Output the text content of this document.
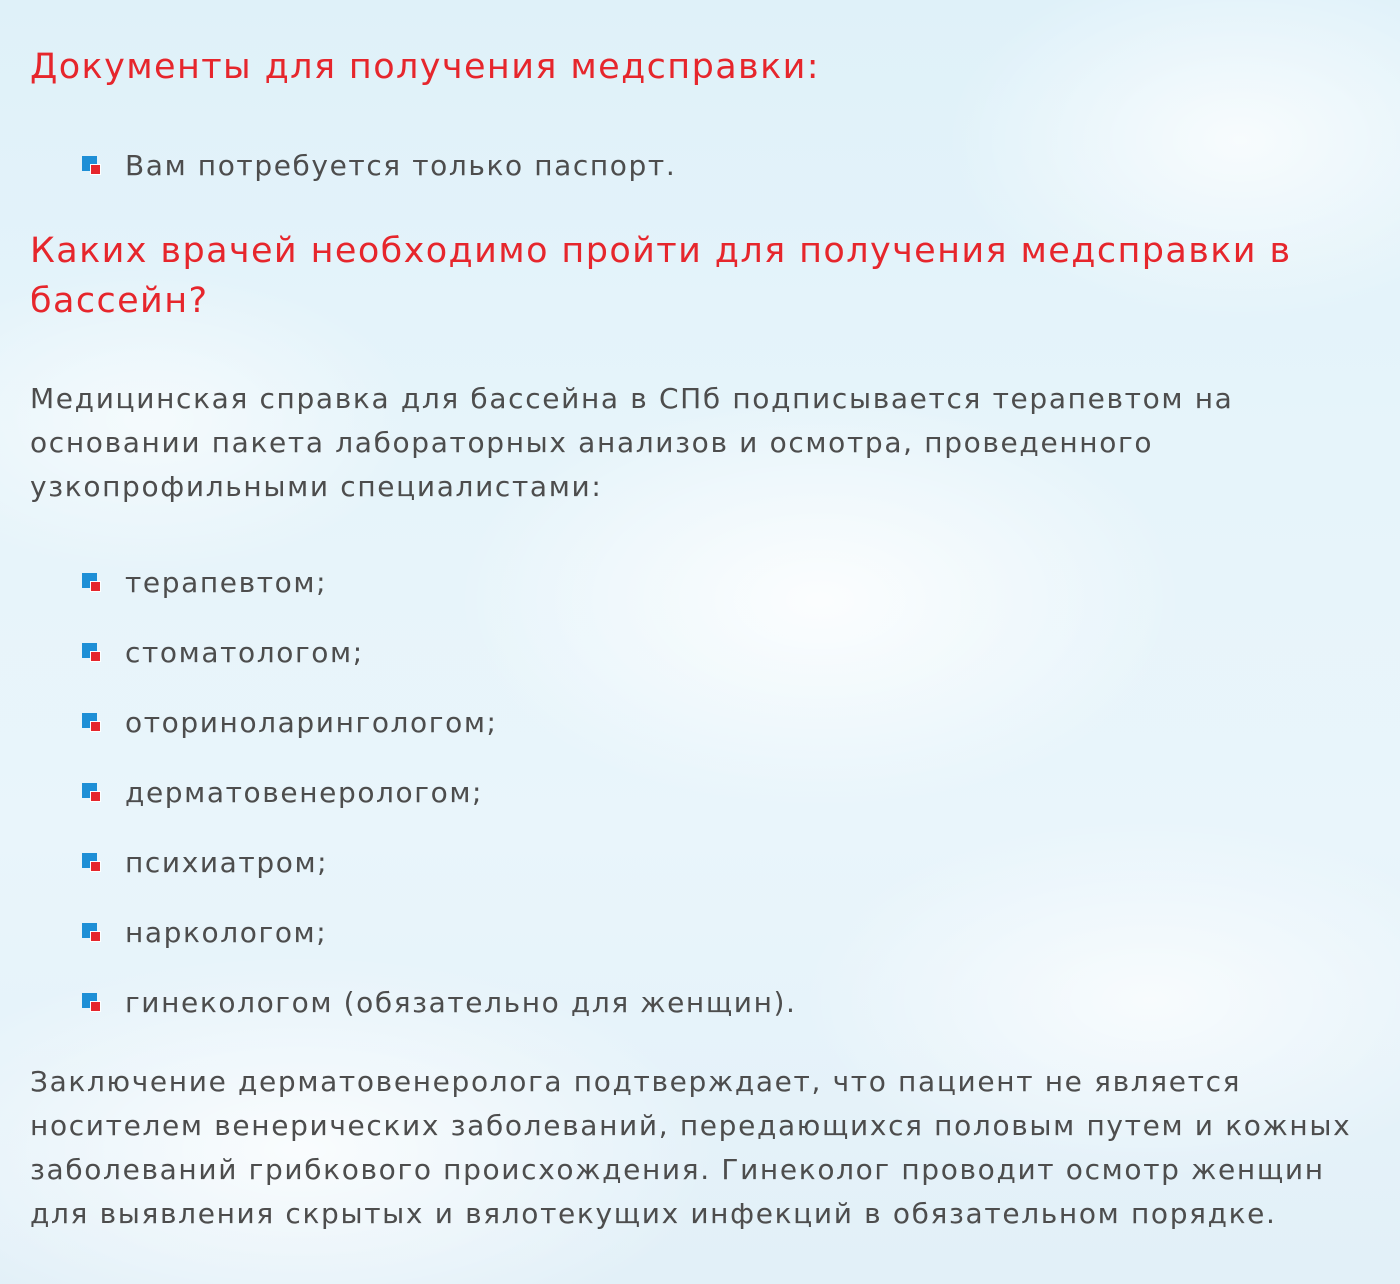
Документы для получения медсправки:
Вам потребуется только паспорт.
Каких врачей необходимо пройти для получения медсправки в бассейн?

Медицинская справка для бассейна в СПб подписывается терапевтом на основании пакета лабораторных анализов и осмотра, проведенного узкопрофильными специалистами:

терапевтом;
стоматологом;
оториноларингологом;
дерматовенерологом;
психиатром;
наркологом;
гинекологом (обязательно для женщин).

Заключение дерматовенеролога подтверждает, что пациент не является носителем венерических заболеваний, передающихся половым путем и кожных заболеваний грибкового происхождения. Гинеколог проводит осмотр женщин для выявления скрытых и вялотекущих инфекций в обязательном порядке.
